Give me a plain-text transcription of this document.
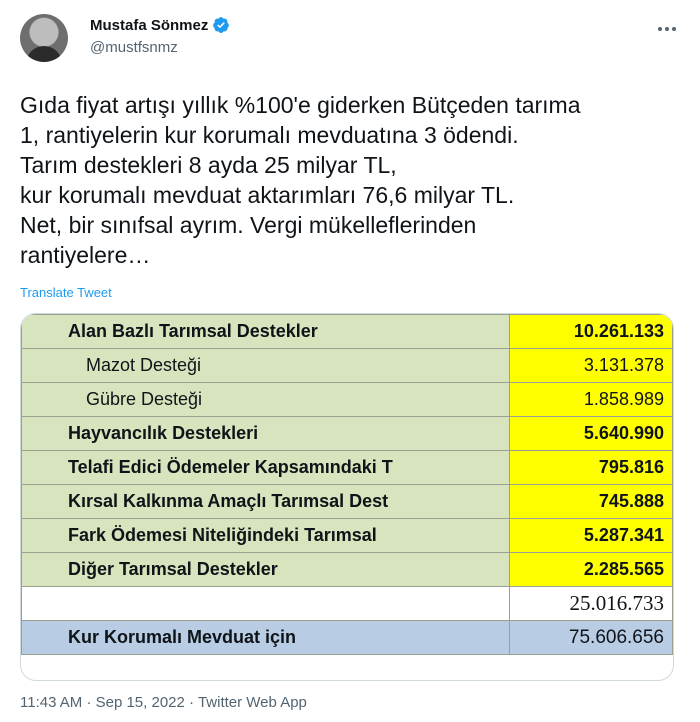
Mustafa Sönmez
@mustfsnmz
Gıda fiyat artışı yıllık %100'e giderken Bütçeden tarıma
1, rantiyelerin kur korumalı mevduatına 3 ödendi.
Tarım destekleri 8 ayda 25 milyar TL,
kur korumalı mevduat aktarımları 76,6 milyar TL.
Net, bir sınıfsal ayrım. Vergi mükelleflerinden
rantiyelere…
Translate Tweet
Alan Bazlı Tarımsal Destekler	10.261.133

Mazot Desteği	3.131.378

Gübre Desteği	1.858.989

Hayvancılık Destekleri	5.640.990

Telafi Edici Ödemeler Kapsamındaki T	795.816

Kırsal Kalkınma Amaçlı Tarımsal Dest	745.888

Fark Ödemesi Niteliğindeki Tarımsal	5.287.341

Diğer Tarımsal Destekler	2.285.565

	25.016.733

Kur Korumalı Mevduat için	75.606.656
11:43 AM · Sep 15, 2022 · Twitter Web App
